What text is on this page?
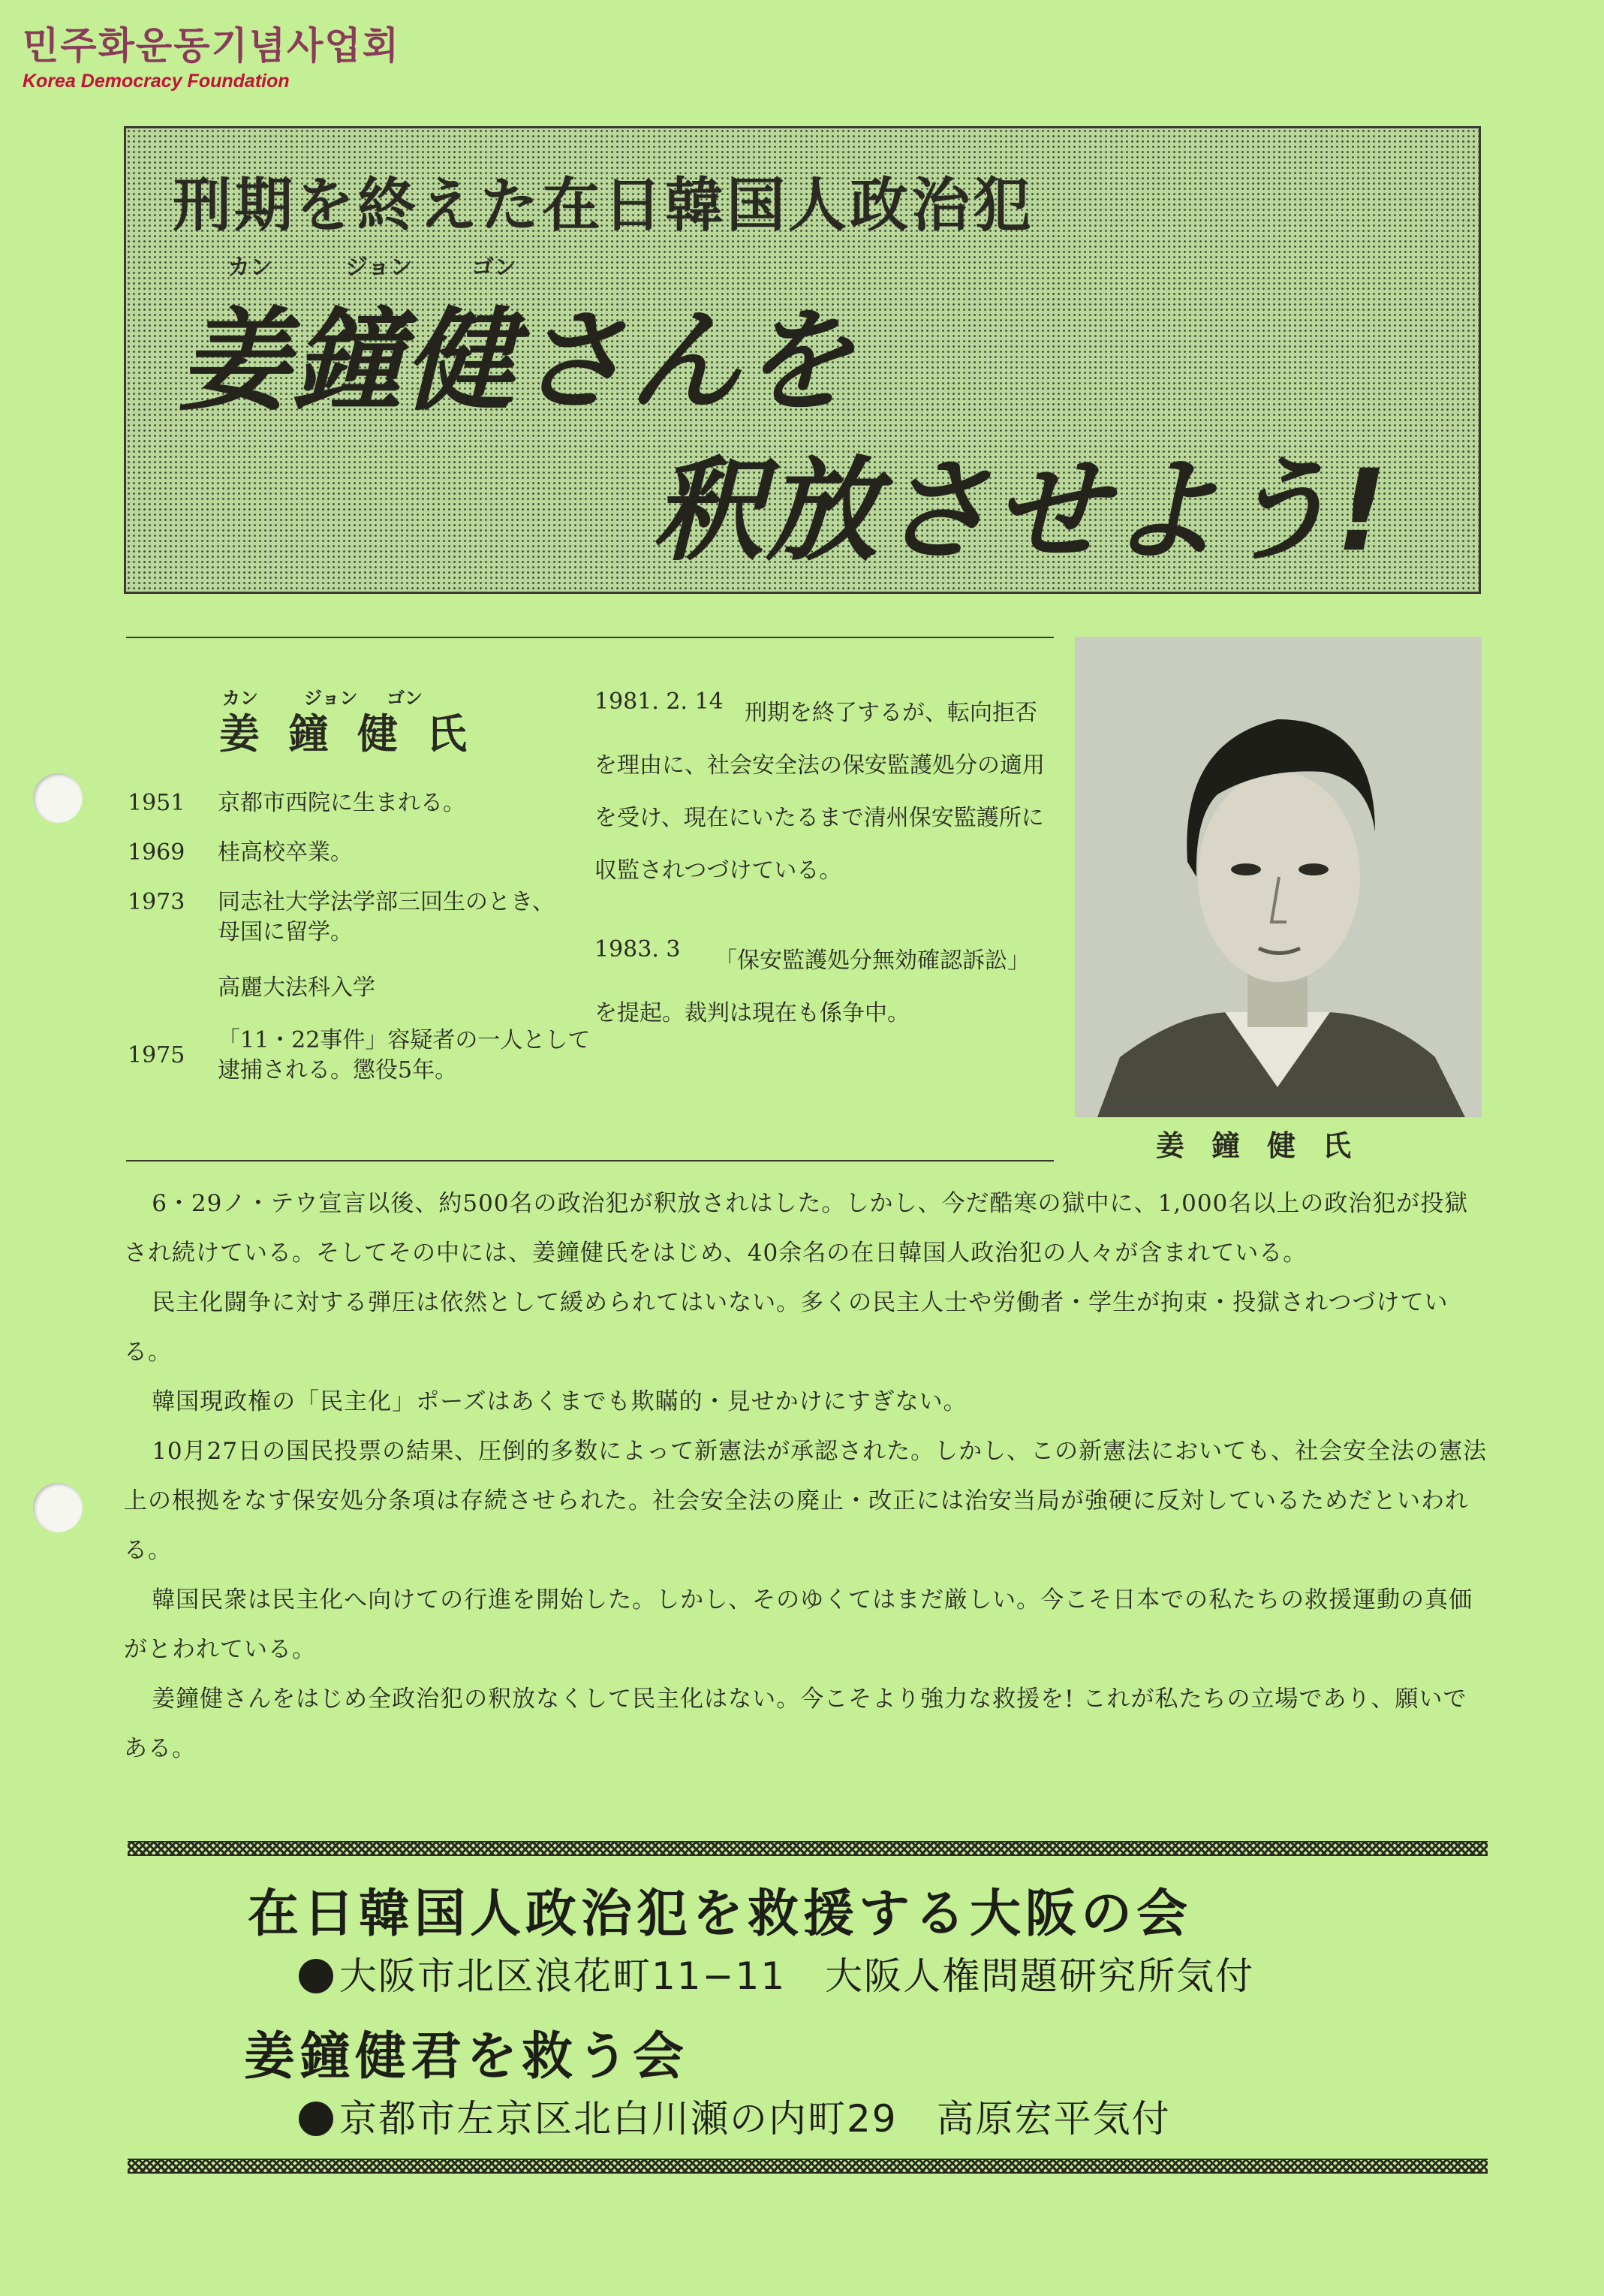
민주화운동기념사업회
Korea Democracy Foundation
刑期を終えた在日韓国人政治犯
カン	ジョン	ゴン
姜鐘健さんを
釈放させよう!
カン	ジョン ゴン
姜鐘健氏
1951 京都市西院に生まれる。
1969 桂高校卒業。
1973 同志社大学法学部三回生のとき、母国に留学。
高麗大法科入学
1975
「11・22事件」容疑者の一人として逮捕される。懲役5年。
1981. 2. 14 刑期を終了するが、転向拒否を理由に、社会安全法の保安監護処分の適用を受け、現在にいたるまで清州保安監護所に収監されつづけている。
1983. 3	「保安監護処分無効確認訴訟」を提起。裁判は現在も係争中。
姜鐘健氏

6・29ノ・テウ宣言以後、約500名の政治犯が釈放されはした。しかし、今だ酷寒の獄中に、1,000名以上の政治犯が投獄され続けている。そしてその中には、姜鐘健氏をはじめ、40余名の在日韓国人政治犯の人々が含まれている。

民主化闘争に対する弾圧は依然として緩められてはいない。多くの民主人士や労働者・学生が拘束・投獄されつづけている。

韓国現政権の「民主化」ポーズはあくまでも欺瞞的・見せかけにすぎない。

10月27日の国民投票の結果、圧倒的多数によって新憲法が承認された。しかし、この新憲法においても、社会安全法の憲法上の根拠をなす保安処分条項は存続させられた。社会安全法の廃止・改正には治安当局が強硬に反対しているためだといわれる。

韓国民衆は民主化へ向けての行進を開始した。しかし、そのゆくてはまだ厳しい。今こそ日本での私たちの救援運動の真価がとわれている。

姜鐘健さんをはじめ全政治犯の釈放なくして民主化はない。今こそより強力な救援を! これが私たちの立場であり、願いである。

在日韓国人政治犯を救援する大阪の会
大阪市北区浪花町11−11　大阪人権問題研究所気付
姜鐘健君を救う会
京都市左京区北白川瀬の内町29　高原宏平気付
